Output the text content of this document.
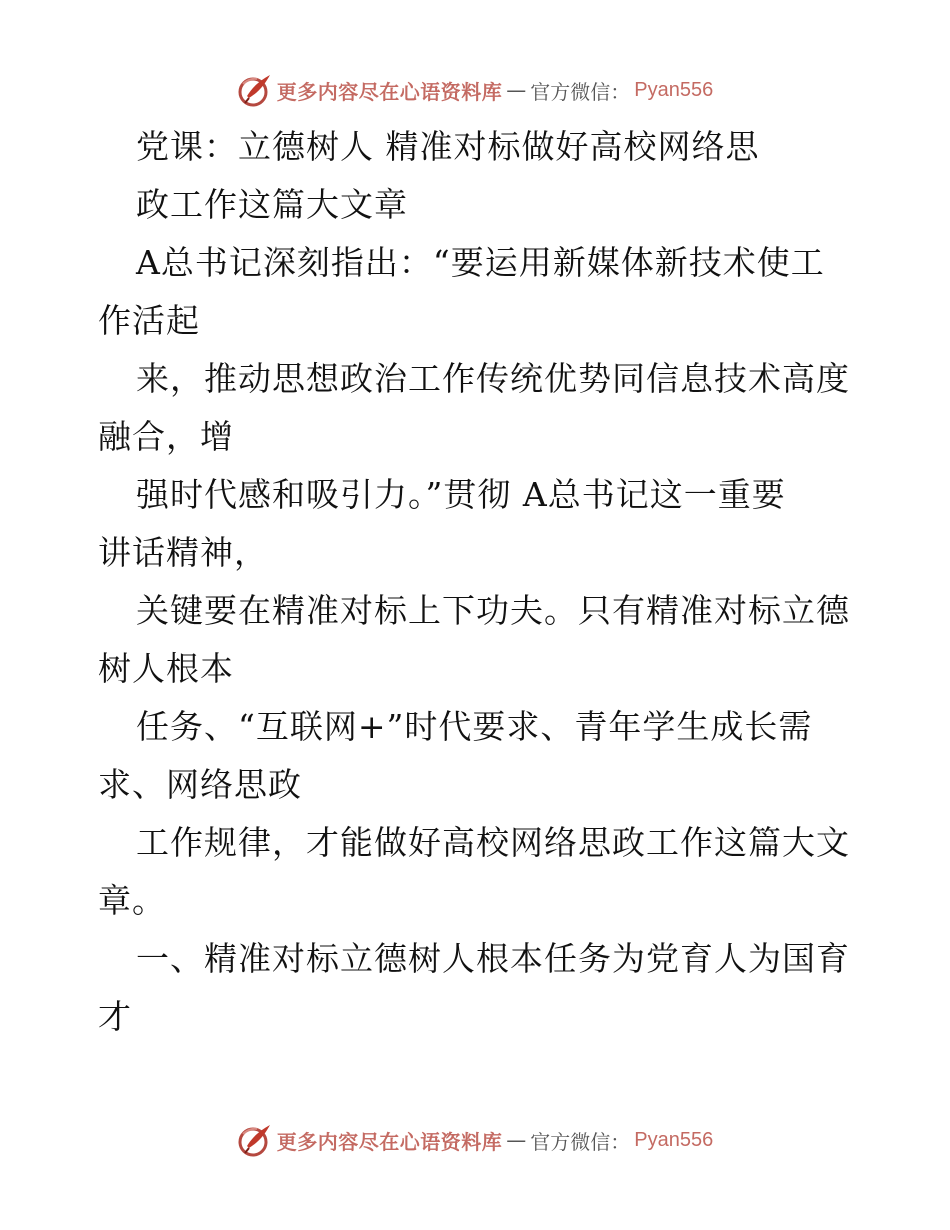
更多内容尽在心语资料库 — 官方微信： Pyan556
党课：立德树人 精准对标做好高校网络思
政工作这篇大文章
A总书记深刻指出：“要运用新媒体新技术使工
作活起
来，推动思想政治工作传统优势同信息技术高度
融合，增
强时代感和吸引力。”贯彻 A总书记这一重要
讲话精神，
关键要在精准对标上下功夫。只有精准对标立德
树人根本
任务、“互联网+”时代要求、青年学生成长需
求、网络思政
工作规律，才能做好高校网络思政工作这篇大文
章。
一、精准对标立德树人根本任务为党育人为国育
才
更多内容尽在心语资料库 — 官方微信： Pyan556
